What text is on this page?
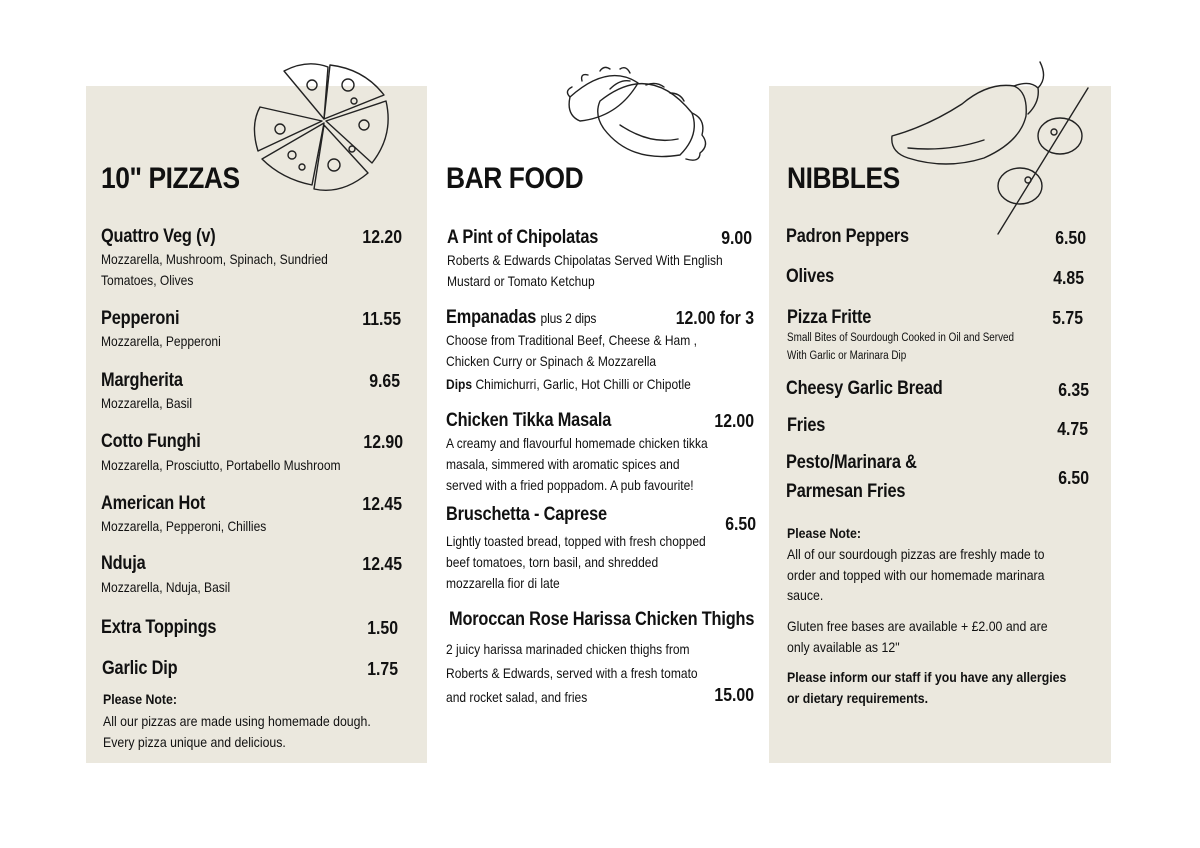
10" PIZZAS
Quattro Veg (v)	12.20
Mozzarella, Mushroom, Spinach, Sundried
Tomatoes, Olives
Pepperoni	11.55
Mozzarella, Pepperoni
Margherita	9.65
Mozzarella, Basil
Cotto Funghi	12.90
Mozzarella, Prosciutto, Portabello Mushroom
American Hot	12.45
Mozzarella, Pepperoni, Chillies
Nduja	12.45
Mozzarella, Nduja, Basil
Extra Toppings	1.50
Garlic Dip	1.75
Please Note:
All our pizzas are made using homemade dough.
Every pizza unique and delicious.
BAR FOOD
A Pint of Chipolatas	9.00
Roberts & Edwards Chipolatas Served With English
Mustard or Tomato Ketchup
Empanadas plus 2 dips	12.00 for 3
Choose from Traditional Beef, Cheese & Ham ,
Chicken Curry or Spinach & Mozzarella
Dips Chimichurri, Garlic, Hot Chilli or Chipotle
Chicken Tikka Masala	12.00
A creamy and flavourful homemade chicken tikka
masala, simmered with aromatic spices and
served with a fried poppadom. A pub favourite!
Bruschetta - Caprese	6.50
Lightly toasted bread, topped with fresh chopped
beef tomatoes, torn basil, and shredded
mozzarella fior di late
Moroccan Rose Harissa Chicken Thighs
2 juicy harissa marinaded chicken thighs from
Roberts & Edwards, served with a fresh tomato
and rocket salad, and fries	15.00
NIBBLES
Padron Peppers	6.50
Olives	4.85
Pizza Fritte	5.75
Small Bites of Sourdough Cooked in Oil and Served
With Garlic or Marinara Dip
Cheesy Garlic Bread	6.35
Fries	4.75
Pesto/Marinara &
Parmesan Fries
6.50
Please Note:
All of our sourdough pizzas are freshly made to
order and topped with our homemade marinara
sauce.
Gluten free bases are available + £2.00 and are
only available as 12"
Please inform our staff if you have any allergies
or dietary requirements.
